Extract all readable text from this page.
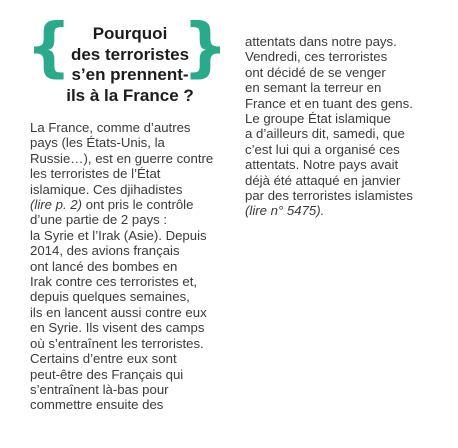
{	Pourquoi
des terroristes
s’en prennent-
ils à la France ?
}
La France, comme d’autres
pays (les États-Unis, la
Russie…), est en guerre contre
les terroristes de l’État
islamique. Ces djihadistes
(lire p. 2) ont pris le contrôle
d’une partie de 2 pays :
la Syrie et l’Irak (Asie). Depuis
2014, des avions français
ont lancé des bombes en
Irak contre ces terroristes et,
depuis quelques semaines,
ils en lancent aussi contre eux
en Syrie. Ils visent des camps
où s’entraînent les terroristes.
Certains d’entre eux sont
peut-être des Français qui
s’entraînent là-bas pour
commettre ensuite des
attentats dans notre pays.
Vendredi, ces terroristes
ont décidé de se venger
en semant la terreur en
France et en tuant des gens.
Le groupe État islamique
a d’ailleurs dit, samedi, que
c’est lui qui a organisé ces
attentats. Notre pays avait
déjà été attaqué en janvier
par des terroristes islamistes
(lire n° 5475).
